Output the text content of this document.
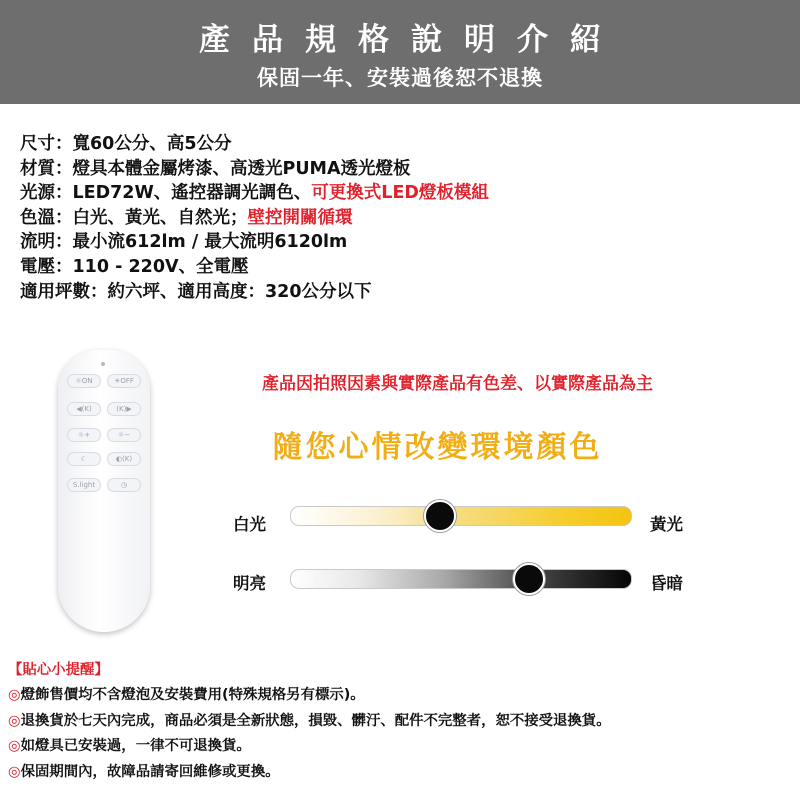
產品規格說明介紹
保固一年、安裝過後恕不退換
尺寸：寬60公分、高5公分
材質：燈具本體金屬烤漆、高透光PUMA透光燈板
光源：LED72W、遙控器調光調色、可更換式LED燈板模組
色溫：白光、黃光、自然光；壁控開關循環
流明：最小流612lm / 最大流明6120lm
電壓：110 - 220V、全電壓
適用坪數：約六坪、適用高度：320公分以下
☼ON	☀OFF
◀(K)	(K)▶
☼+	☼−
☾	◐(K)
S.light	◷
產品因拍照因素與實際產品有色差、以實際產品為主
隨您心情改變環境顏色
白光	黃光
明亮	昏暗
【貼心小提醒】
◎燈飾售價均不含燈泡及安裝費用(特殊規格另有標示)。
◎退換貨於七天內完成，商品必須是全新狀態，損毀、髒汙、配件不完整者，恕不接受退換貨。
◎如燈具已安裝過，一律不可退換貨。
◎保固期間內，故障品請寄回維修或更換。
